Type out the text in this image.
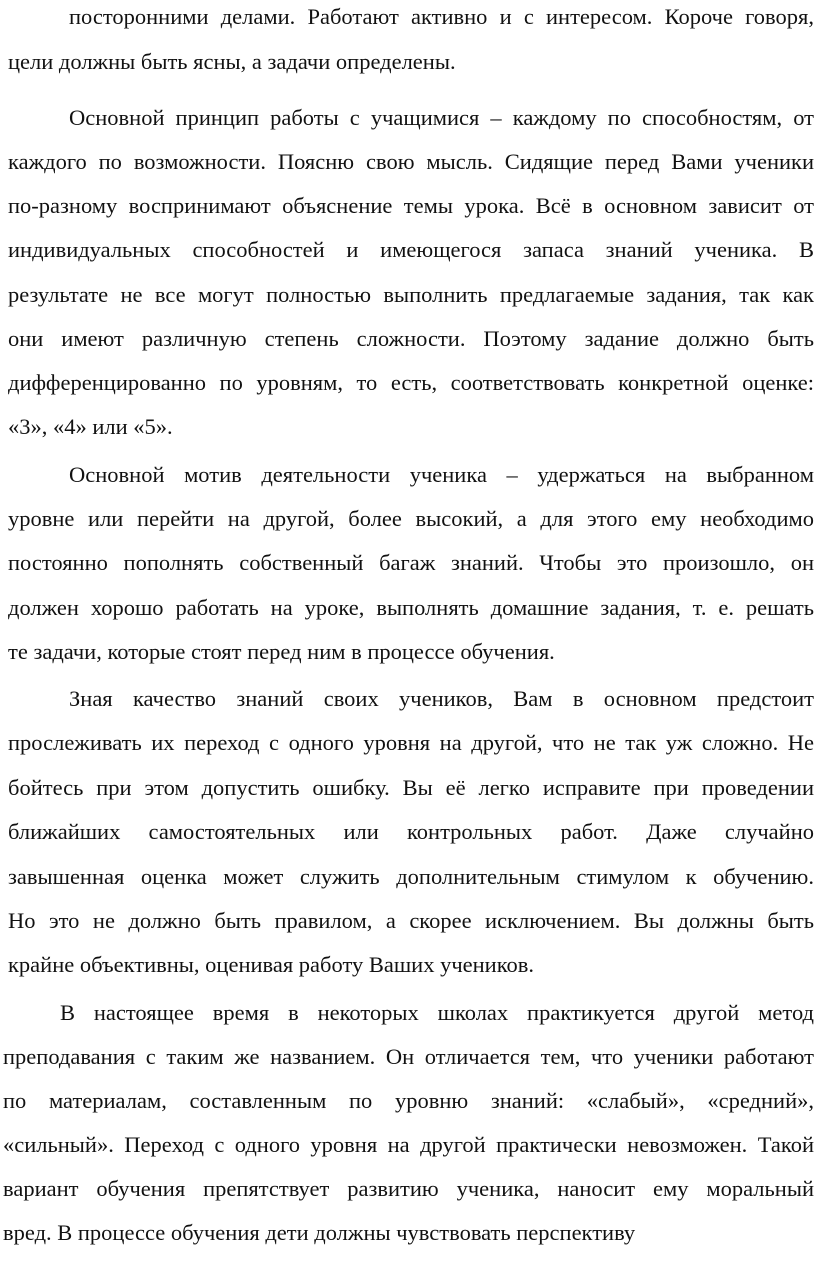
посторонними делами. Работают активно и с интересом. Короче говоря,
цели должны быть ясны, а задачи определены.
Основной принцип работы с учащимися – каждому по способностям, от
каждого по возможности. Поясню свою мысль. Сидящие перед Вами ученики
по-разному воспринимают объяснение темы урока. Всё в основном зависит от
индивидуальных способностей и имеющегося запаса знаний ученика. В
результате не все могут полностью выполнить предлагаемые задания, так как
они имеют различную степень сложности. Поэтому задание должно быть
дифференцированно по уровням, то есть, соответствовать конкретной оценке:
«3», «4» или «5».
Основной мотив деятельности ученика – удержаться на выбранном
уровне или перейти на другой, более высокий, а для этого ему необходимо
постоянно пополнять собственный багаж знаний. Чтобы это произошло, он
должен хорошо работать на уроке, выполнять домашние задания, т. е. решать
те задачи, которые стоят перед ним в процессе обучения.
Зная качество знаний своих учеников, Вам в основном предстоит
прослеживать их переход с одного уровня на другой, что не так уж сложно. Не
бойтесь при этом допустить ошибку. Вы её легко исправите при проведении
ближайших самостоятельных или контрольных работ. Даже случайно
завышенная оценка может служить дополнительным стимулом к обучению.
Но это не должно быть правилом, а скорее исключением. Вы должны быть
крайне объективны, оценивая работу Ваших учеников.
В настоящее время в некоторых школах практикуется другой метод
преподавания с таким же названием. Он отличается тем, что ученики работают
по материалам, составленным по уровню знаний: «слабый», «средний»,
«сильный». Переход с одного уровня на другой практически невозможен. Такой
вариант обучения препятствует развитию ученика, наносит ему моральный
вред. В процессе обучения дети должны чувствовать перспективу
